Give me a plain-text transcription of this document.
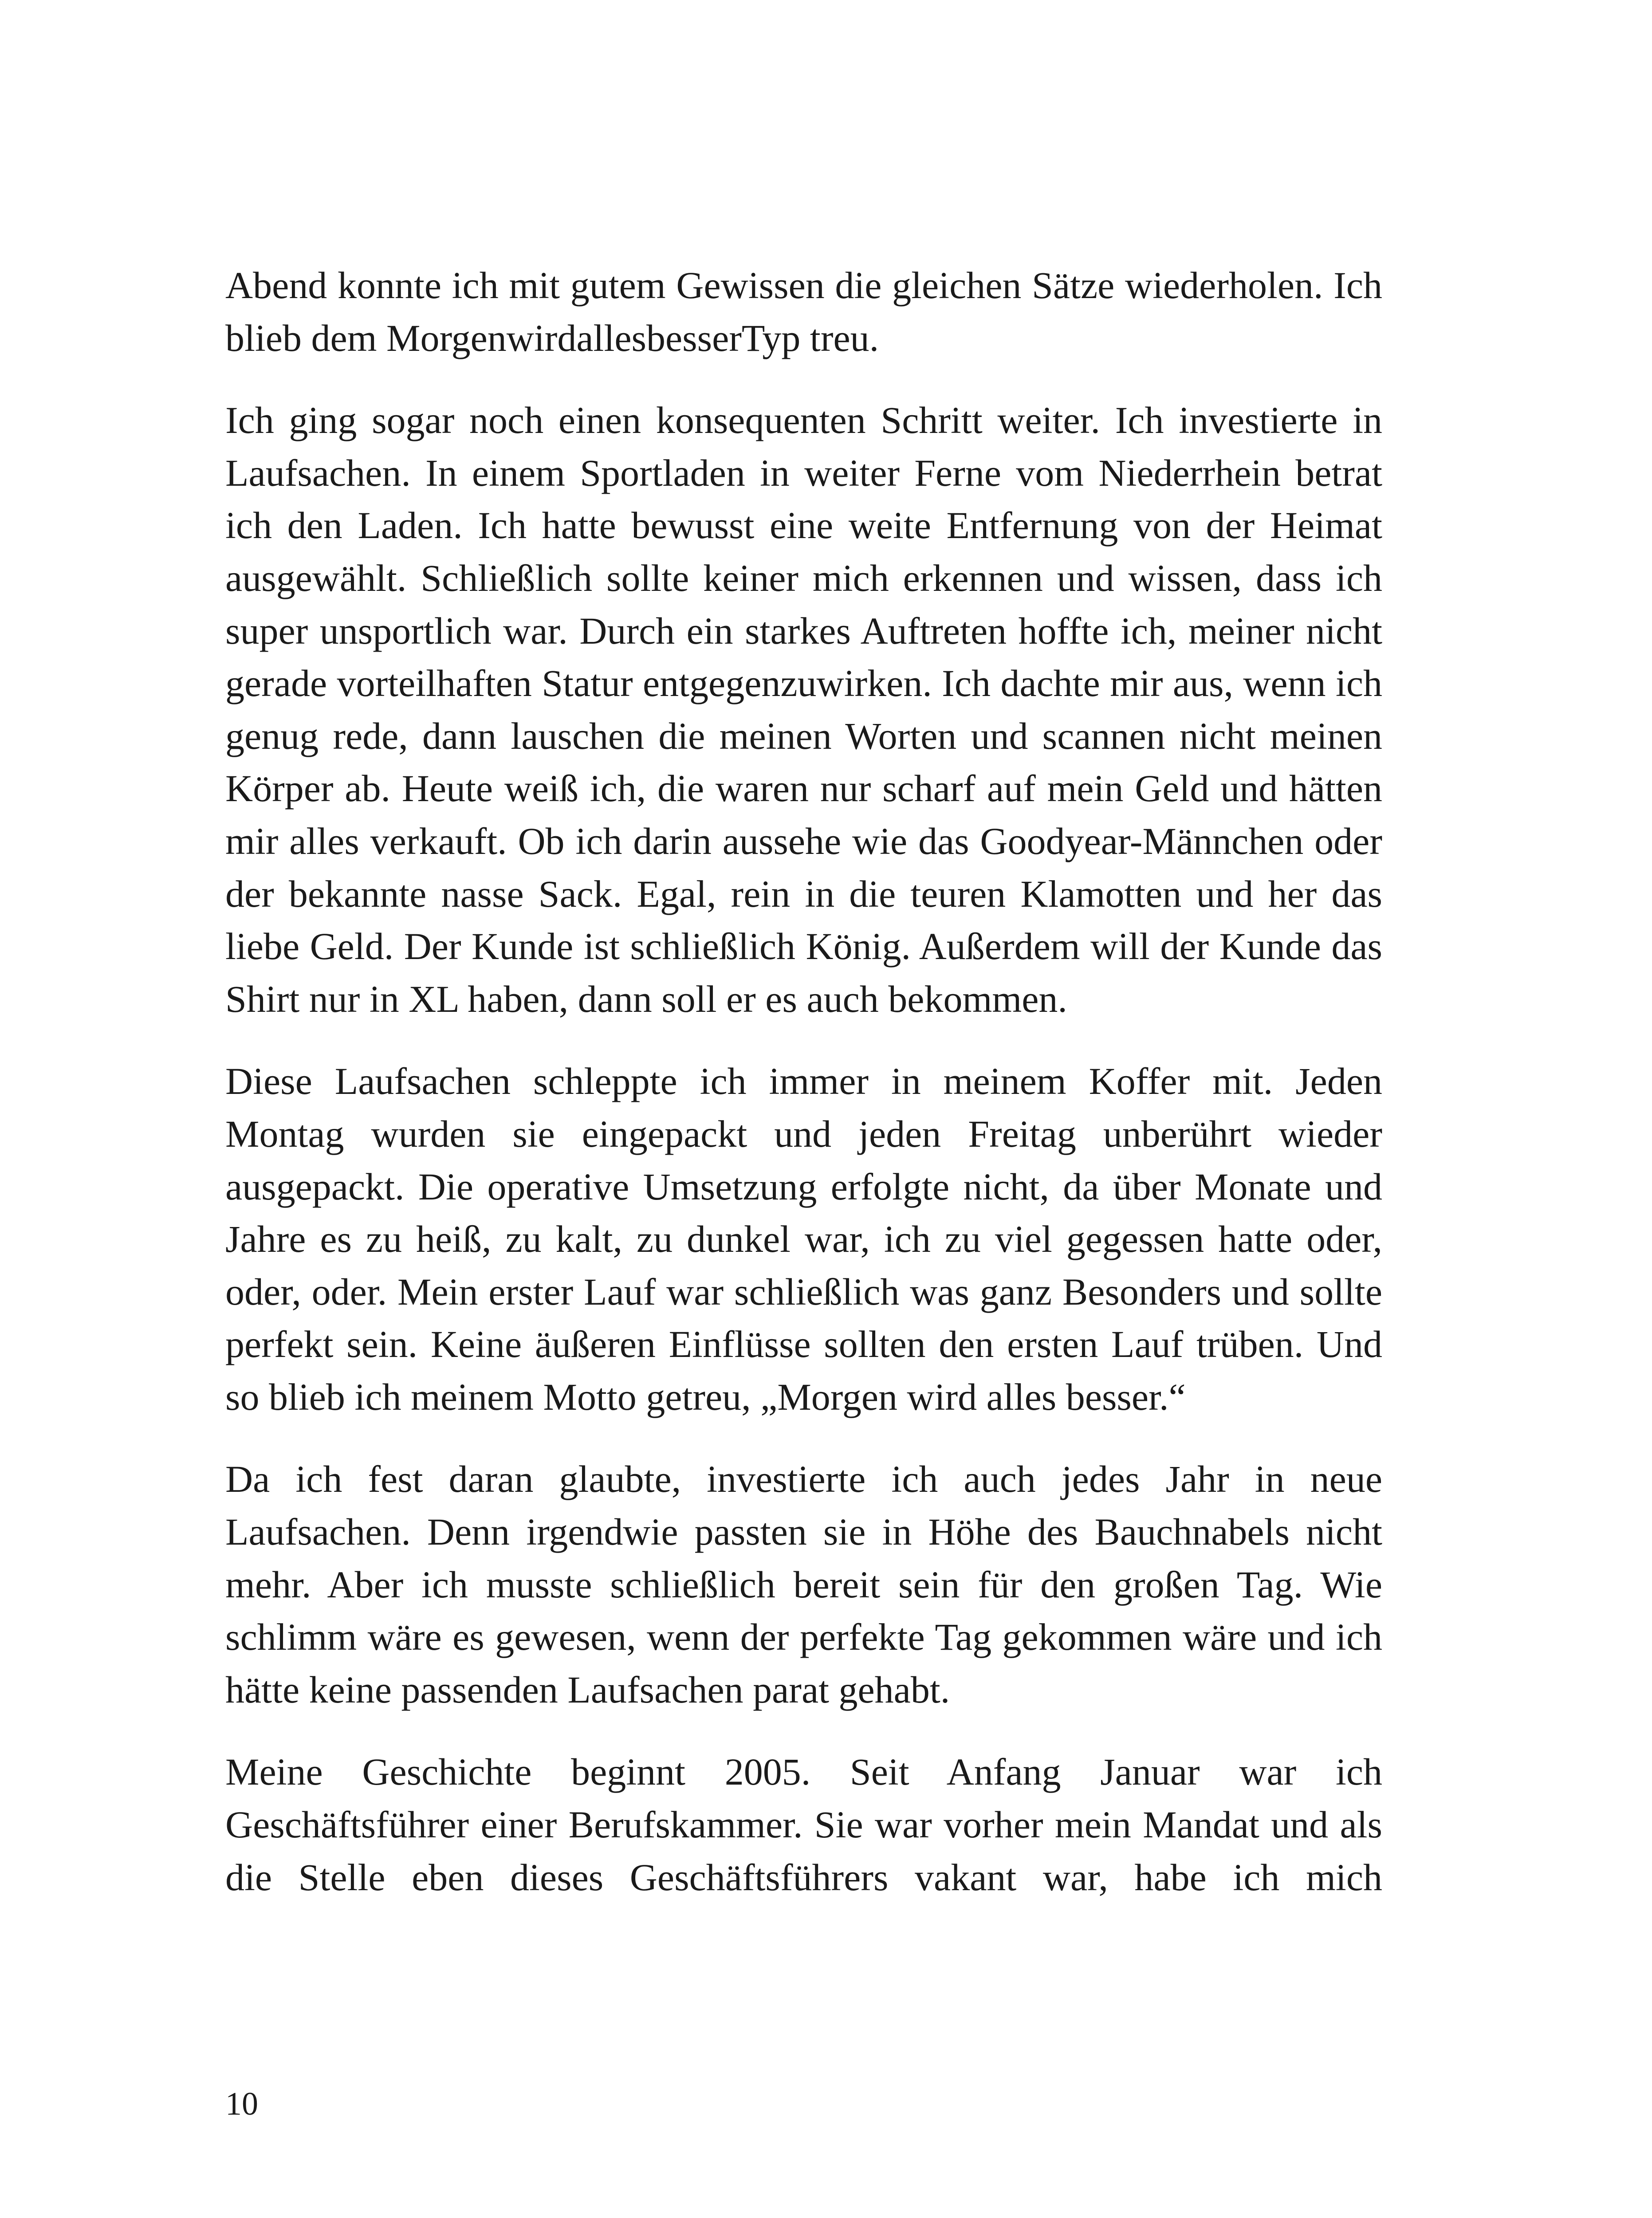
Abend konnte ich mit gutem Gewissen die gleichen Sätze wiederholen. Ich blieb dem MorgenwirdallesbesserTyp treu.

Ich ging sogar noch einen konsequenten Schritt weiter. Ich investierte in Laufsachen. In einem Sportladen in weiter Ferne vom Niederrhein betrat ich den Laden. Ich hatte bewusst eine weite Entfernung von der Heimat ausgewählt. Schließlich sollte keiner mich erkennen und wissen, dass ich super unsportlich war. Durch ein starkes Auftreten hoffte ich, meiner nicht gerade vorteilhaften Statur entgegenzuwirken. Ich dachte mir aus, wenn ich genug rede, dann lauschen die meinen Worten und scannen nicht meinen Körper ab. Heute weiß ich, die waren nur scharf auf mein Geld und hätten mir alles verkauft. Ob ich darin aussehe wie das Goodyear-Männchen oder der bekannte nasse Sack. Egal, rein in die teuren Klamotten und her das liebe Geld. Der Kunde ist schließlich König. Außerdem will der Kunde das Shirt nur in XL haben, dann soll er es auch bekommen.

Diese Laufsachen schleppte ich immer in meinem Koffer mit. Jeden Montag wurden sie eingepackt und jeden Freitag unberührt wieder ausgepackt. Die operative Umsetzung erfolgte nicht, da über Monate und Jahre es zu heiß, zu kalt, zu dunkel war, ich zu viel gegessen hatte oder, oder, oder. Mein erster Lauf war schließlich was ganz Besonders und sollte perfekt sein. Keine äußeren Einflüsse sollten den ersten Lauf trüben. Und so blieb ich meinem Motto getreu, „Morgen wird alles besser.“

Da ich fest daran glaubte, investierte ich auch jedes Jahr in neue Laufsachen. Denn irgendwie passten sie in Höhe des Bauchnabels nicht mehr. Aber ich musste schließlich bereit sein für den großen Tag. Wie schlimm wäre es gewesen, wenn der perfekte Tag gekommen wäre und ich hätte keine passenden Laufsachen parat gehabt.

Meine Geschichte beginnt 2005. Seit Anfang Januar war ich Geschäftsführer einer Berufskammer. Sie war vorher mein Mandat und als die Stelle eben dieses Geschäftsführers vakant war, habe ich mich

10
